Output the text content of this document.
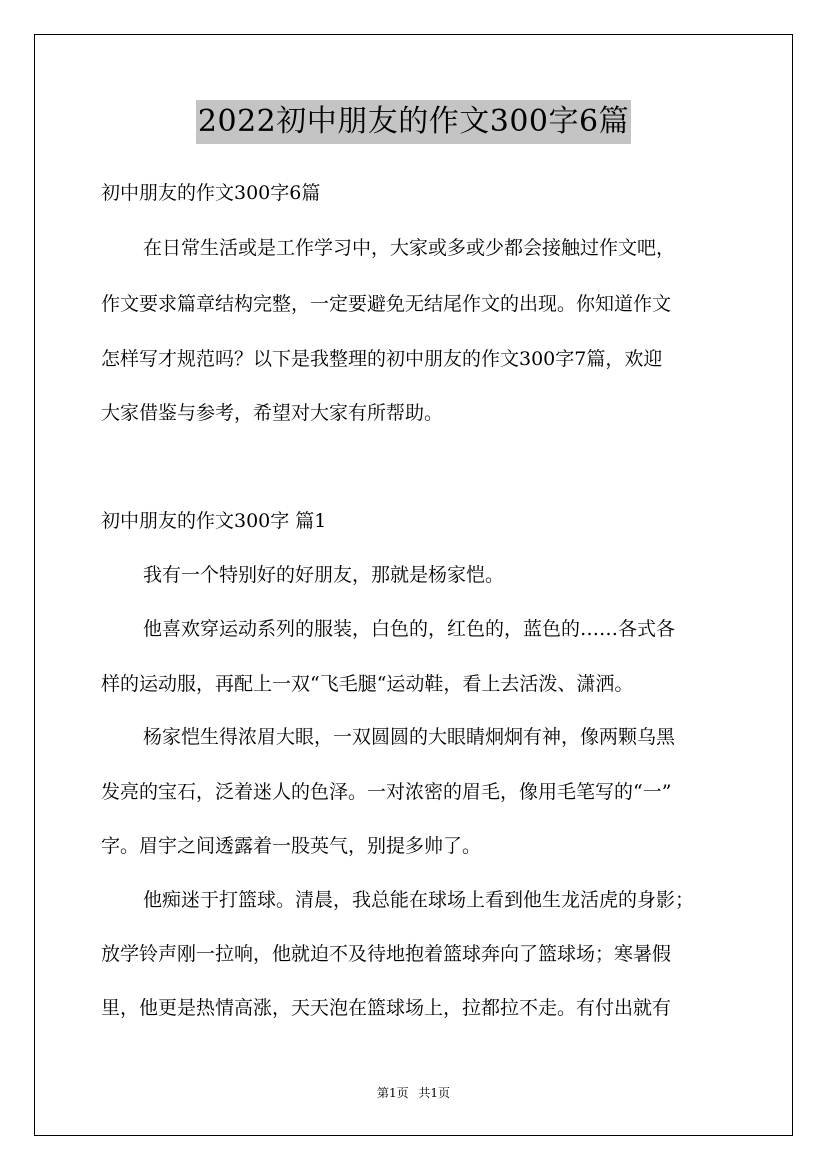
2022初中朋友的作文300字6篇
初中朋友的作文300字6篇
在日常生活或是工作学习中，大家或多或少都会接触过作文吧，
作文要求篇章结构完整，一定要避免无结尾作文的出现。你知道作文
怎样写才规范吗？以下是我整理的初中朋友的作文300字7篇，欢迎
大家借鉴与参考，希望对大家有所帮助。
初中朋友的作文300字 篇1
我有一个特别好的好朋友，那就是杨家恺。
他喜欢穿运动系列的服装，白色的，红色的，蓝色的……各式各
样的运动服，再配上一双“飞毛腿“运动鞋，看上去活泼、潇洒。
杨家恺生得浓眉大眼，一双圆圆的大眼睛炯炯有神，像两颗乌黑
发亮的宝石，泛着迷人的色泽。一对浓密的眉毛，像用毛笔写的“一”
字。眉宇之间透露着一股英气，别提多帅了。
他痴迷于打篮球。清晨，我总能在球场上看到他生龙活虎的身影；
放学铃声刚一拉响，他就迫不及待地抱着篮球奔向了篮球场；寒暑假
里，他更是热情高涨，天天泡在篮球场上，拉都拉不走。有付出就有
第1页 共1页
